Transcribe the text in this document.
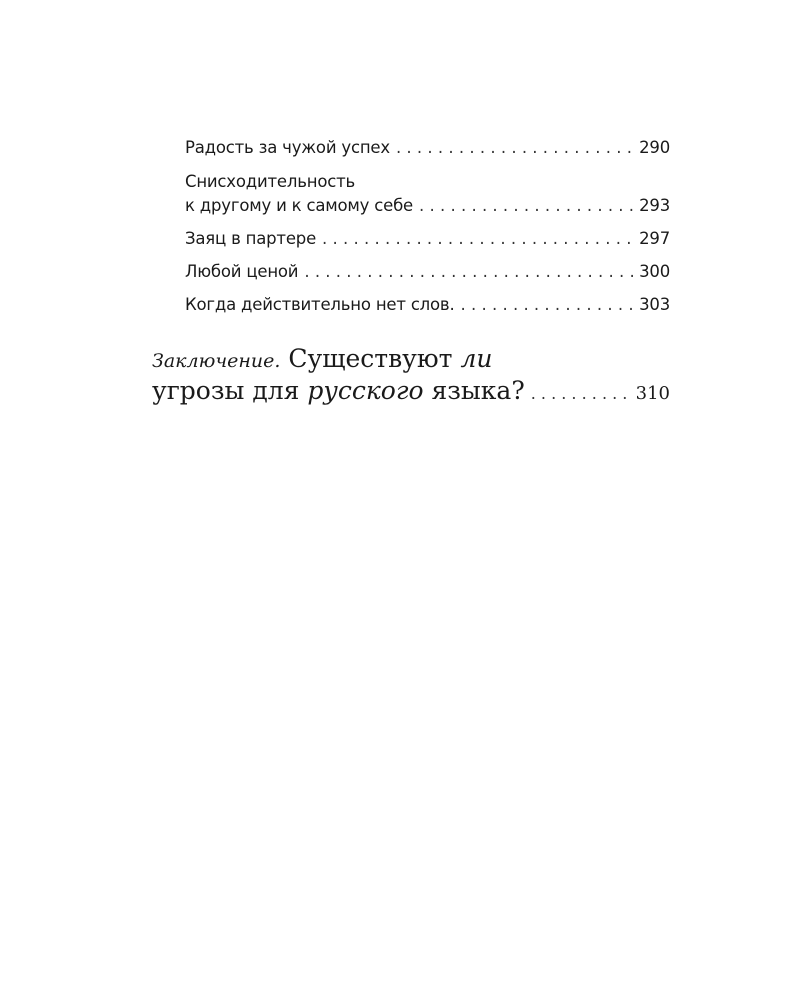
Радость за чужой успех . . .	290
Снисходительность
к другому и к самому себе . . .	293
Заяц в партере . . .	297
Любой ценой . . .	300
Когда действительно нет слов. . . .	303
Заключение.
Существуют
ли
угрозы для
русского
языка? . . .	310
